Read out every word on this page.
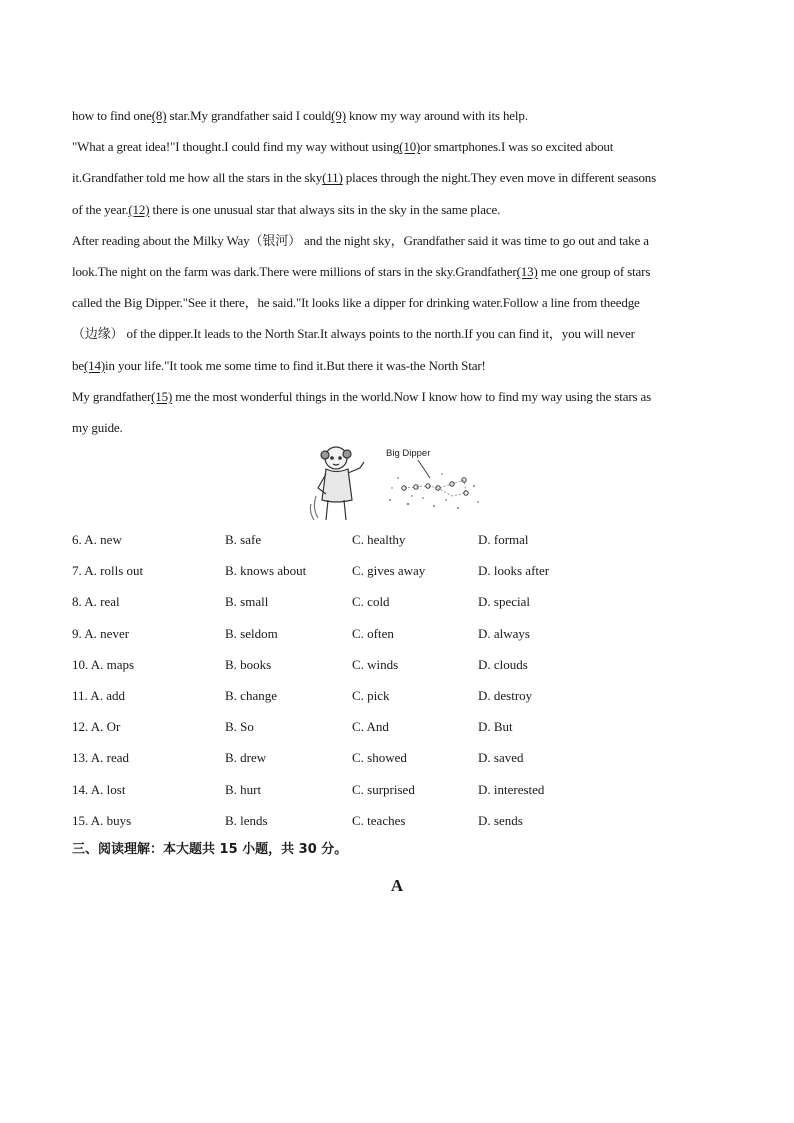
how to find one(8) star.My grandfather said I could(9) know my way around with its help.
"What a great idea!"I thought.I could find my way without using(10)or smartphones.I was so excited about
it.Grandfather told me how all the stars in the sky(11) places through the night.They even move in different seasons
of the year.(12) there is one unusual star that always sits in the sky in the same place.
After reading about the Milky Way（银河） and the night sky，Grandfather said it was time to go out and take a
look.The night on the farm was dark.There were millions of stars in the sky.Grandfather(13) me one group of stars
called the Big Dipper."See it there，he said."It looks like a dipper for drinking water.Follow a line from theedge
（边缘） of the dipper.It leads to the North Star.It always points to the north.If you can find it，you will never
be(14)in your life."It took me some time to find it.But there it was-the North Star!
My grandfather(15) me the most wonderful things in the world.Now I know how to find my way using the stars as
my guide.
Big Dipper
6. A. new	B. safe	C. healthy	D. formal
7. A. rolls out	B. knows about	C. gives away	D. looks after
8. A. real	B. small	C. cold	D. special
9. A. never	B. seldom	C. often	D. always
10. A. maps	B. books	C. winds	D. clouds
11. A. add	B. change	C. pick	D. destroy
12. A. Or	B. So	C. And	D. But
13. A. read	B. drew	C. showed	D. saved
14. A. lost	B. hurt	C. surprised	D. interested
15. A. buys	B. lends	C. teaches	D. sends
三、阅读理解：本大题共 15 小题，共 30 分。
A
